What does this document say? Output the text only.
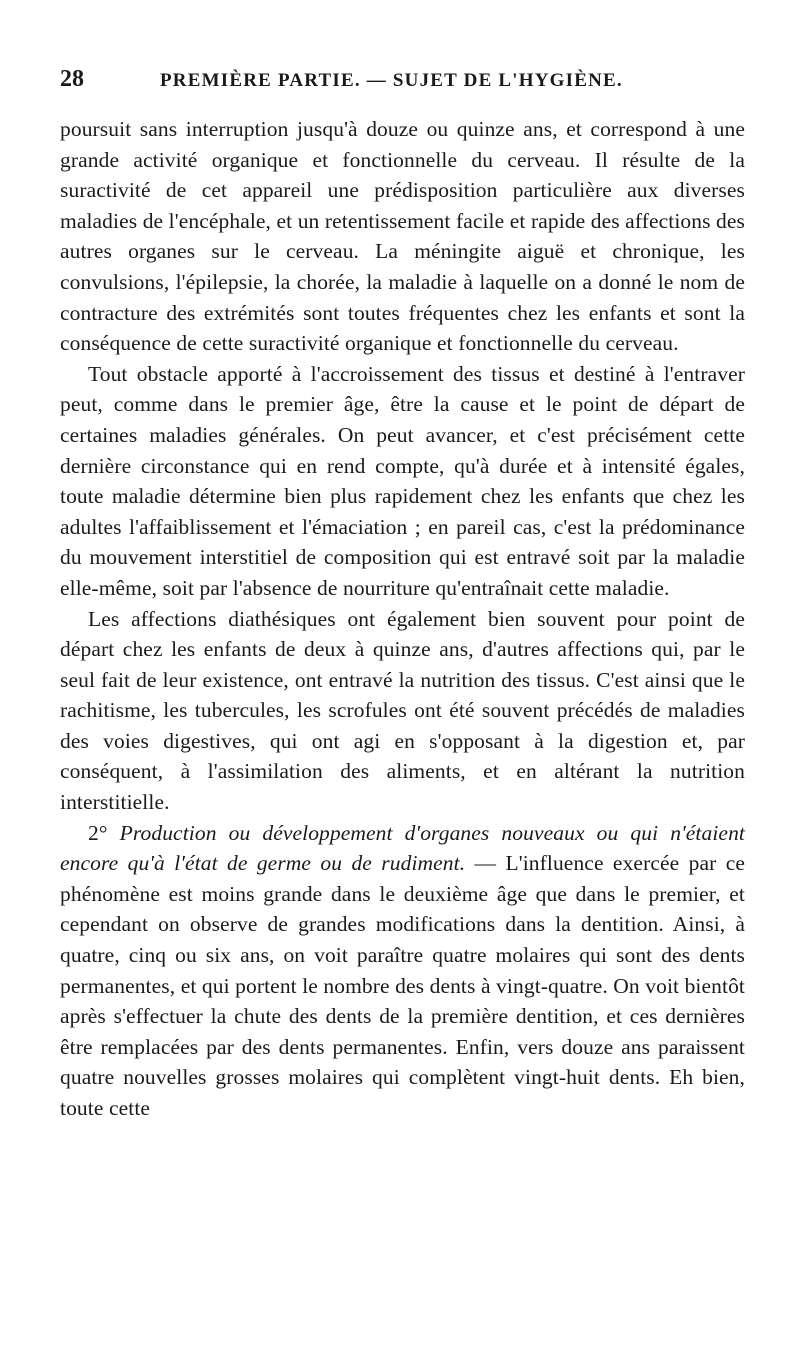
28	PREMIÈRE PARTIE. — SUJET DE L'HYGIÈNE.

poursuit sans interruption jusqu'à douze ou quinze ans, et correspond à une grande activité organique et fonctionnelle du cerveau. Il résulte de la suractivité de cet appareil une prédisposition particulière aux diverses maladies de l'encéphale, et un retentissement facile et rapide des affections des autres organes sur le cerveau. La méningite aiguë et chronique, les convulsions, l'épilepsie, la chorée, la maladie à laquelle on a donné le nom de contracture des extrémités sont toutes fréquentes chez les enfants et sont la conséquence de cette suractivité organique et fonctionnelle du cerveau.

Tout obstacle apporté à l'accroissement des tissus et destiné à l'entraver peut, comme dans le premier âge, être la cause et le point de départ de certaines maladies générales. On peut avancer, et c'est précisément cette dernière circonstance qui en rend compte, qu'à durée et à intensité égales, toute maladie détermine bien plus rapidement chez les enfants que chez les adultes l'affaiblissement et l'émaciation ; en pareil cas, c'est la prédominance du mouvement interstitiel de composition qui est entravé soit par la maladie elle-même, soit par l'absence de nourriture qu'entraînait cette maladie.

Les affections diathésiques ont également bien souvent pour point de départ chez les enfants de deux à quinze ans, d'autres affections qui, par le seul fait de leur existence, ont entravé la nutrition des tissus. C'est ainsi que le rachitisme, les tubercules, les scrofules ont été souvent précédés de maladies des voies digestives, qui ont agi en s'opposant à la digestion et, par conséquent, à l'assimilation des aliments, et en altérant la nutrition interstitielle.

2° Production ou développement d'organes nouveaux ou qui n'étaient encore qu'à l'état de germe ou de rudiment. — L'influence exercée par ce phénomène est moins grande dans le deuxième âge que dans le premier, et cependant on observe de grandes modifications dans la dentition. Ainsi, à quatre, cinq ou six ans, on voit paraître quatre molaires qui sont des dents permanentes, et qui portent le nombre des dents à vingt-quatre. On voit bientôt après s'effectuer la chute des dents de la première dentition, et ces dernières être remplacées par des dents permanentes. Enfin, vers douze ans paraissent quatre nouvelles grosses molaires qui complètent vingt-huit dents. Eh bien, toute cette
